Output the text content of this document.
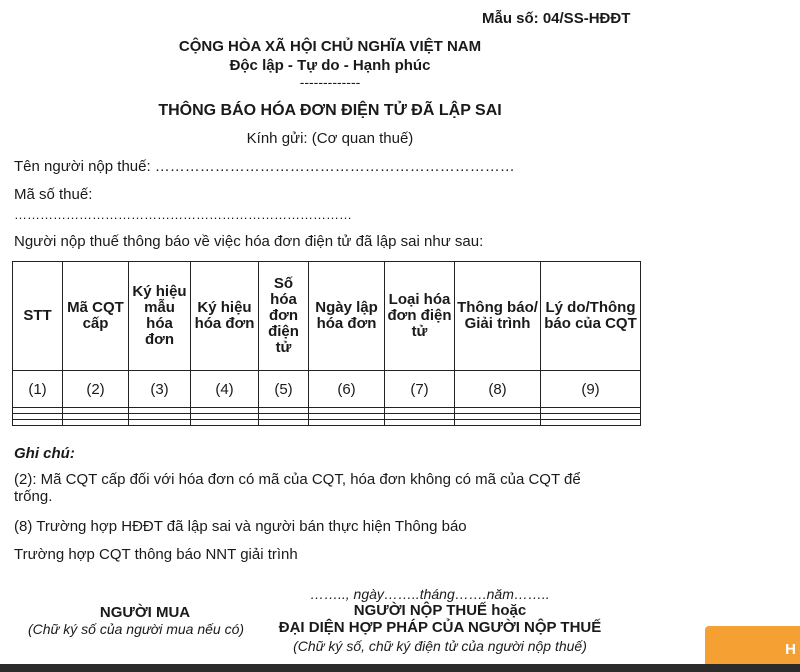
Mẫu số: 04/SS-HĐĐT
CỘNG HÒA XÃ HỘI CHỦ NGHĨA VIỆT NAM
Độc lập - Tự do - Hạnh phúc
-------------
THÔNG BÁO HÓA ĐƠN ĐIỆN TỬ ĐÃ LẬP SAI
Kính gửi: (Cơ quan thuế)
Tên người nộp thuế: ………………………………………………………………
Mã số thuế:
……………………………………………………………………
Người nộp thuế thông báo về việc hóa đơn điện tử đã lập sai như sau:
STT	Mã CQT cấp	Ký hiệu mẫu hóa đơn	Ký hiệu hóa đơn	Số hóa đơn điện tử	Ngày lập hóa đơn	Loại hóa đơn điện tử	Thông báo/ Giải trình	Lý do/Thông báo của CQT
(1)	(2)	(3)	(4)	(5)	(6)	(7)	(8)	(9)

Ghi chú:
(2): Mã CQT cấp đối với hóa đơn có mã của CQT, hóa đơn không có mã của CQT để trống.
(8) Trường hợp HĐĐT đã lập sai và người bán thực hiện Thông báo
Trường hợp CQT thông báo NNT giải trình
…….., ngày……..tháng…….năm……..
NGƯỜI MUA
(Chữ ký số của người mua nếu có)
NGƯỜI NỘP THUẾ hoặc
ĐẠI DIỆN HỢP PHÁP CỦA NGƯỜI NỘP THUẾ
(Chữ ký số, chữ ký điện tử của người nộp thuế)	H
